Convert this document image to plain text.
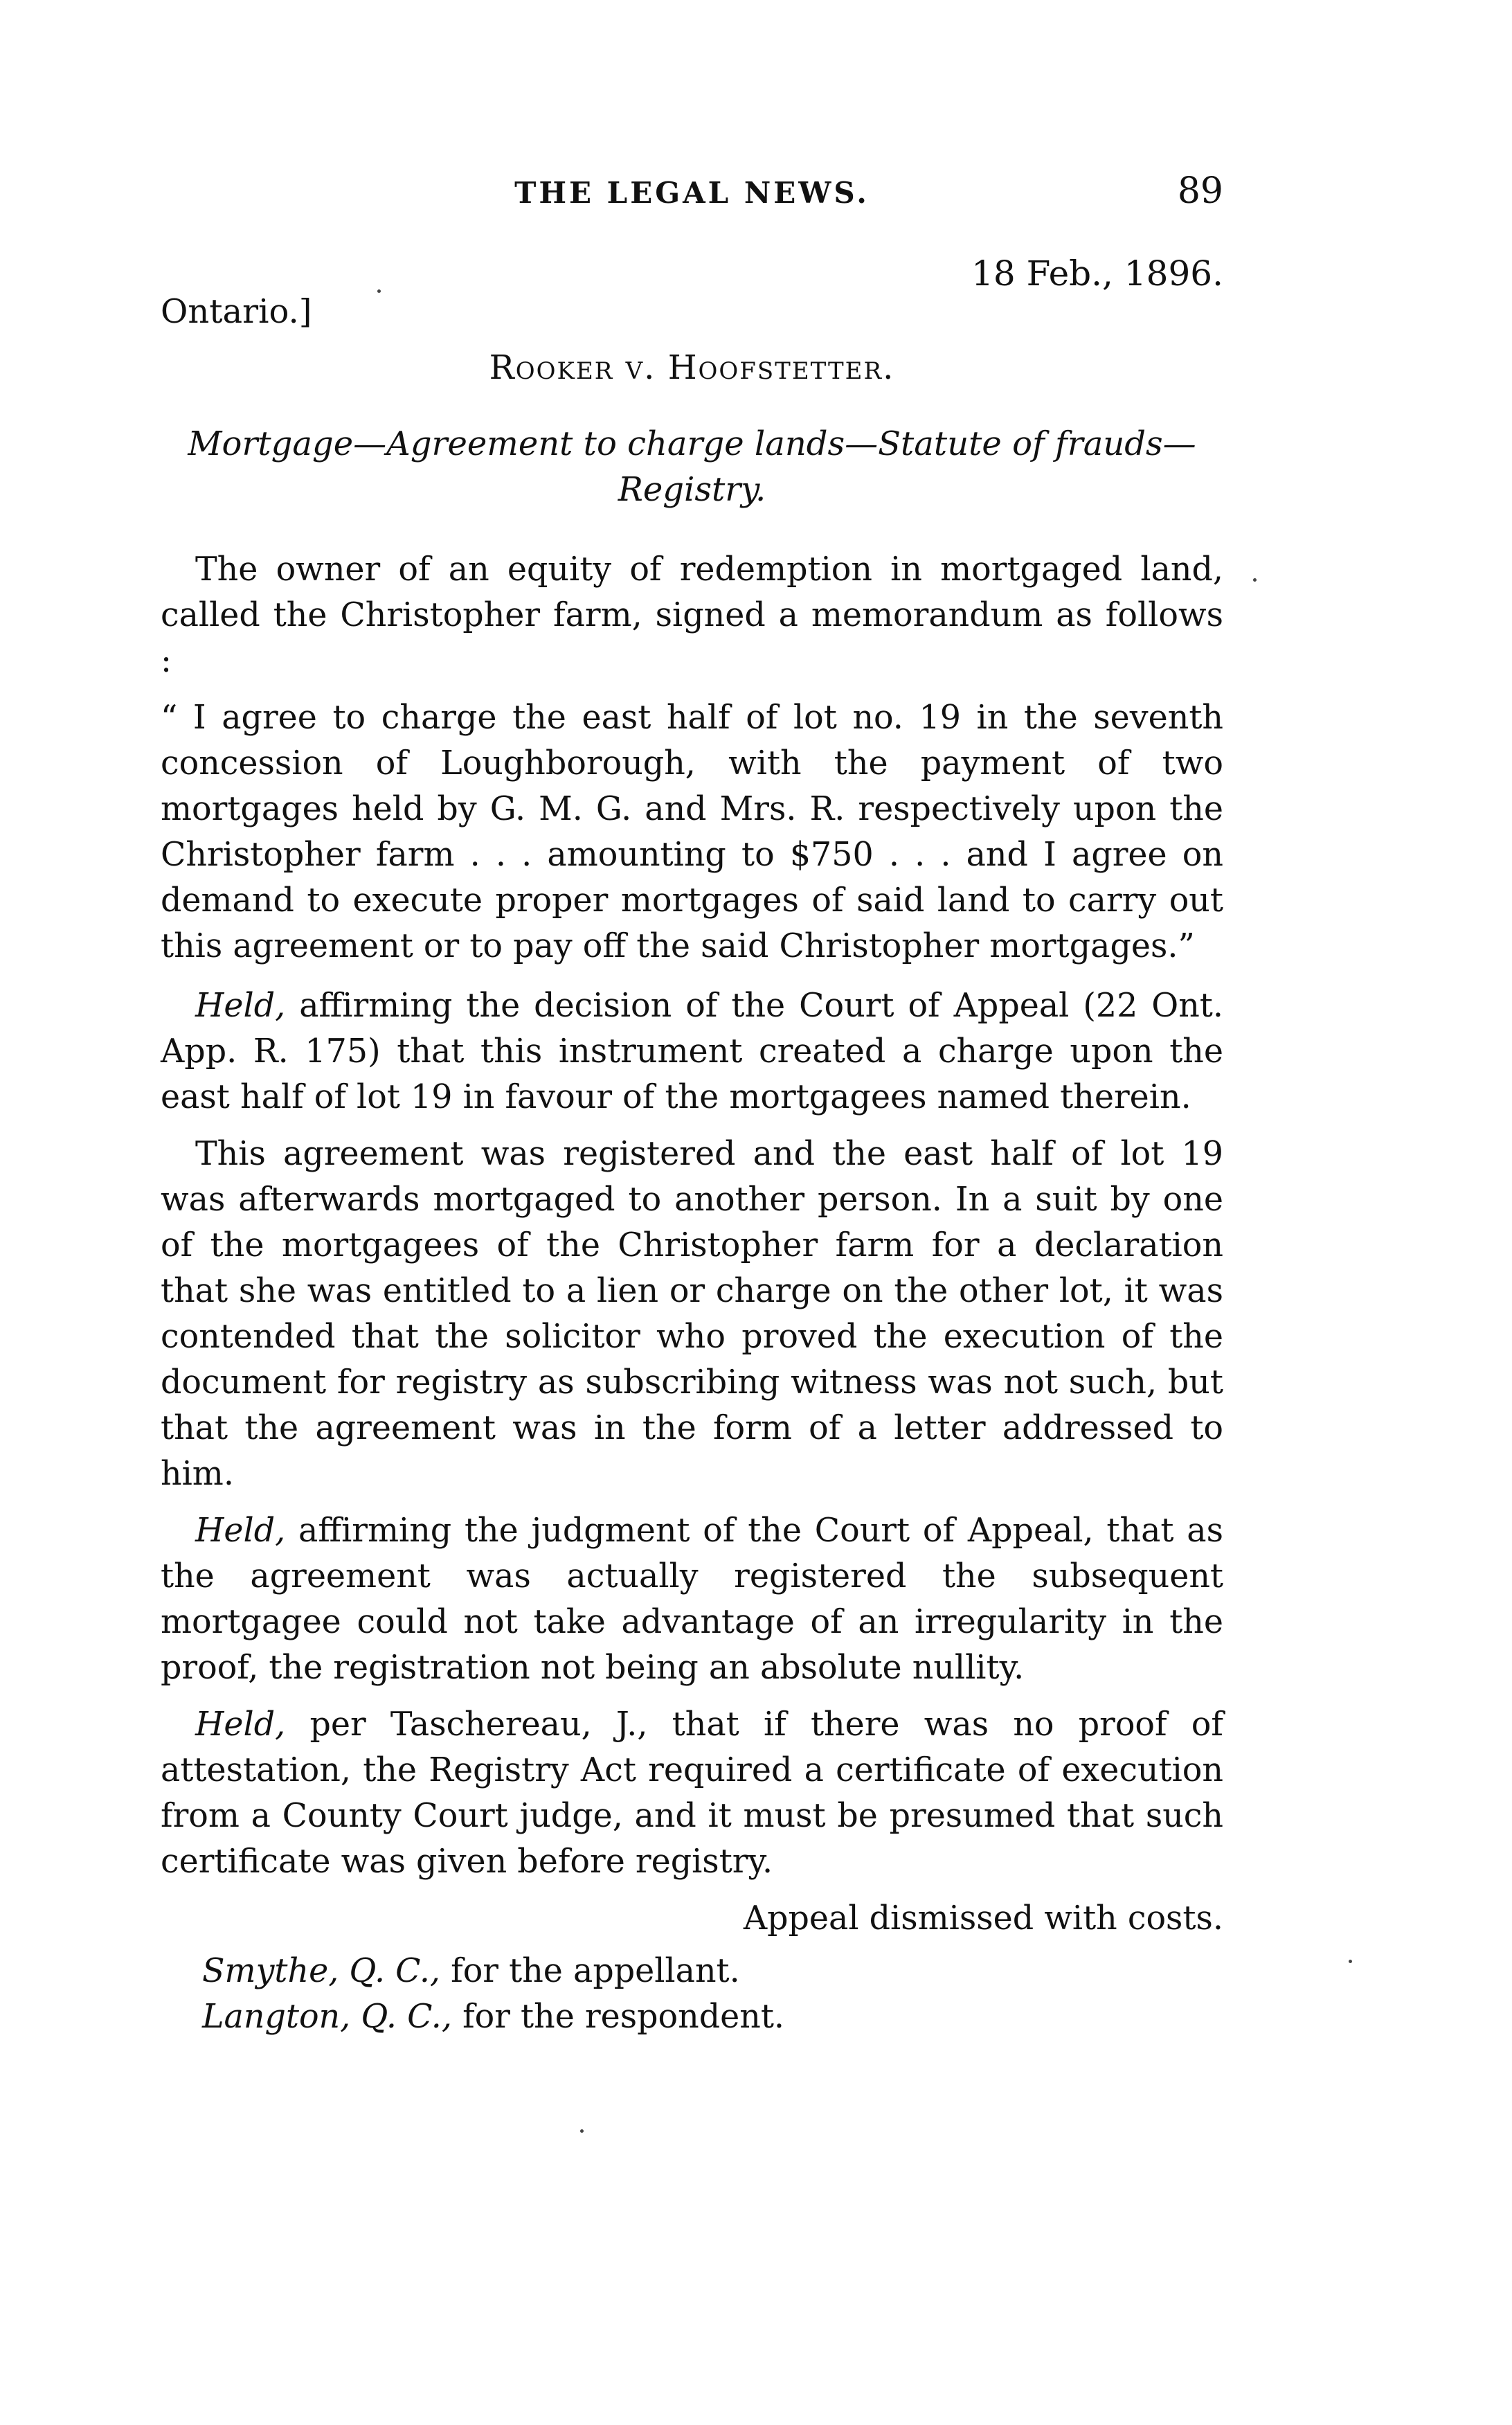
THE LEGAL NEWS.	89
Ontario.]
18 Feb., 1896.
Rooker v. Hoofstetter.
Mortgage—Agreement to charge lands—Statute of frauds—Registry.

The owner of an equity of redemption in mortgaged land, called the Christopher farm, signed a memorandum as follows :

“ I agree to charge the east half of lot no. 19 in the seventh concession of Loughborough, with the payment of two mortgages held by G. M. G. and Mrs. R. respectively upon the Christopher farm . . . amounting to $750 . . . and I agree on demand to execute proper mortgages of said land to carry out this agreement or to pay off the said Christopher mortgages.”

Held, affirming the decision of the Court of Appeal (22 Ont. App. R. 175) that this instrument created a charge upon the east half of lot 19 in favour of the mortgagees named therein.

This agreement was registered and the east half of lot 19 was afterwards mortgaged to another person. In a suit by one of the mortgagees of the Christopher farm for a declaration that she was entitled to a lien or charge on the other lot, it was contended that the solicitor who proved the execution of the document for registry as subscribing witness was not such, but that the agreement was in the form of a letter addressed to him.

Held, affirming the judgment of the Court of Appeal, that as the agreement was actually registered the subsequent mortgagee could not take advantage of an irregularity in the proof, the registration not being an absolute nullity.

Held, per Taschereau, J., that if there was no proof of attestation, the Registry Act required a certificate of execution from a County Court judge, and it must be presumed that such certificate was given before registry.

Appeal dismissed with costs.

Smythe, Q. C., for the appellant.

Langton, Q. C., for the respondent.
